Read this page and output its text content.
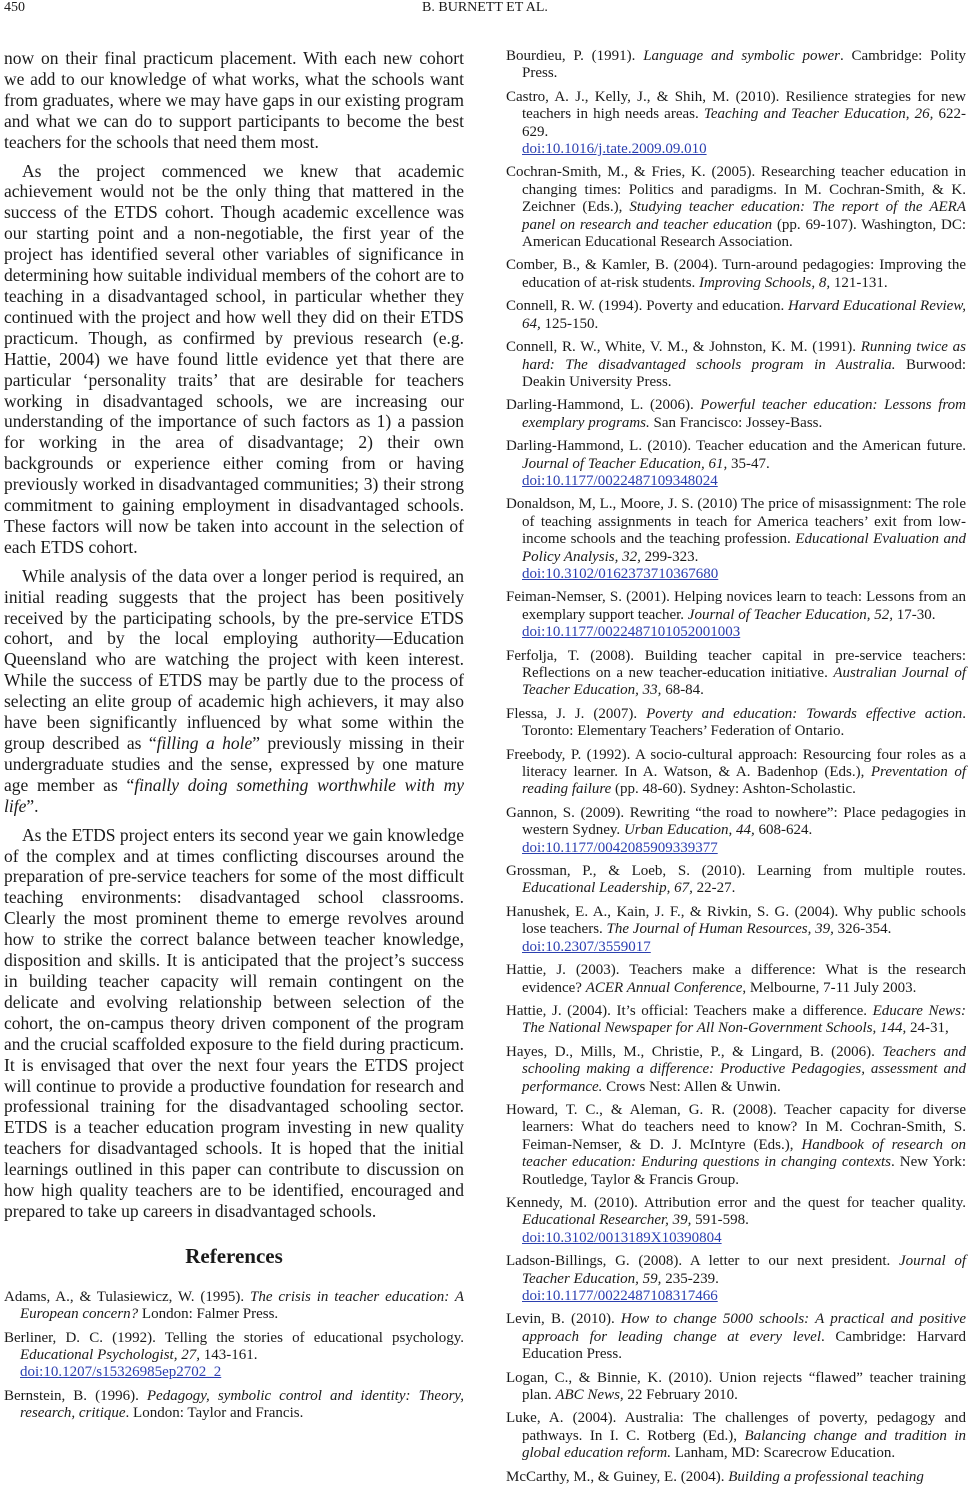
450	B. BURNETT ET AL.

now on their final practicum placement. With each new cohort we add to our knowledge of what works, what the schools want from graduates, where we may have gaps in our existing program and what we can do to support participants to become the best teachers for the schools that need them most.

As the project commenced we knew that academic achievement would not be the only thing that mattered in the success of the ETDS cohort. Though academic excellence was our starting point and a non-negotiable, the first year of the project has identified several other variables of significance in determining how suitable individual members of the cohort are to teaching in a disadvantaged school, in particular whether they continued with the project and how well they did on their ETDS practicum. Though, as confirmed by previous research (e.g. Hattie, 2004) we have found little evidence yet that there are particular ‘personality traits’ that are desirable for teachers working in disadvantaged schools, we are increasing our understanding of the importance of such factors as 1) a passion for working in the area of disadvantage; 2) their own backgrounds or experience either coming from or having previously worked in disadvantaged communities; 3) their strong commitment to gaining employment in disadvantaged schools. These factors will now be taken into account in the selection of each ETDS cohort.

While analysis of the data over a longer period is required, an initial reading suggests that the project has been positively received by the participating schools, by the pre-service ETDS cohort, and by the local employing authority—Education Queensland who are watching the project with keen interest. While the success of ETDS may be partly due to the process of selecting an elite group of academic high achievers, it may also have been significantly influenced by what some within the group described as “filling a hole” previously missing in their undergraduate studies and the sense, expressed by one mature age member as “finally doing something worthwhile with my life”.

As the ETDS project enters its second year we gain knowledge of the complex and at times conflicting discourses around the preparation of pre-service teachers for some of the most difficult teaching environments: disadvantaged school classrooms. Clearly the most prominent theme to emerge revolves around how to strike the correct balance between teacher knowledge, disposition and skills. It is anticipated that the project’s success in building teacher capacity will remain contingent on the delicate and evolving relationship between selection of the cohort, the on-campus theory driven component of the program and the crucial scaffolded exposure to the field during practicum. It is envisaged that over the next four years the ETDS project will continue to provide a productive foundation for research and professional training for the disadvantaged schooling sector. ETDS is a teacher education program investing in new quality teachers for disadvantaged schools. It is hoped that the initial learnings outlined in this paper can contribute to discussion on how high quality teachers are to be identified, encouraged and prepared to take up careers in disadvantaged schools.

References
Adams, A., & Tulasiewicz, W. (1995). The crisis in teacher education: A European concern? London: Falmer Press.
Berliner, D. C. (1992). Telling the stories of educational psychology. Educational Psychologist, 27, 143-161.
doi:10.1207/s15326985ep2702_2
Bernstein, B. (1996). Pedagogy, symbolic control and identity: Theory, research, critique. London: Taylor and Francis.
Bourdieu, P. (1991). Language and symbolic power. Cambridge: Polity Press.
Castro, A. J., Kelly, J., & Shih, M. (2010). Resilience strategies for new teachers in high needs areas. Teaching and Teacher Education, 26, 622-629.
doi:10.1016/j.tate.2009.09.010
Cochran-Smith, M., & Fries, K. (2005). Researching teacher education in changing times: Politics and paradigms. In M. Cochran-Smith, & K. Zeichner (Eds.), Studying teacher education: The report of the AERA panel on research and teacher education (pp. 69-107). Washington, DC: American Educational Research Association.
Comber, B., & Kamler, B. (2004). Turn-around pedagogies: Improving the education of at-risk students. Improving Schools, 8, 121-131.
Connell, R. W. (1994). Poverty and education. Harvard Educational Review, 64, 125-150.
Connell, R. W., White, V. M., & Johnston, K. M. (1991). Running twice as hard: The disadvantaged schools program in Australia. Burwood: Deakin University Press.
Darling-Hammond, L. (2006). Powerful teacher education: Lessons from exemplary programs. San Francisco: Jossey-Bass.
Darling-Hammond, L. (2010). Teacher education and the American future. Journal of Teacher Education, 61, 35-47.
doi:10.1177/0022487109348024
Donaldson, M, L., Moore, J. S. (2010) The price of misassignment: The role of teaching assignments in teach for America teachers’ exit from low-income schools and the teaching profession. Educational Evaluation and Policy Analysis, 32, 299-323.
doi:10.3102/0162373710367680
Feiman-Nemser, S. (2001). Helping novices learn to teach: Lessons from an exemplary support teacher. Journal of Teacher Education, 52, 17-30.
doi:10.1177/002248710105200100З
Ferfolja, T. (2008). Building teacher capital in pre-service teachers: Reflections on a new teacher-education initiative. Australian Journal of Teacher Education, 33, 68-84.
Flessa, J. J. (2007). Poverty and education: Towards effective action. Toronto: Elementary Teachers’ Federation of Ontario.
Freebody, P. (1992). A socio-cultural approach: Resourcing four roles as a literacy learner. In A. Watson, & A. Badenhop (Eds.), Preventation of reading failure (pp. 48-60). Sydney: Ashton-Scholastic.
Gannon, S. (2009). Rewriting “the road to nowhere”: Place pedagogies in western Sydney. Urban Education, 44, 608-624.
doi:10.1177/0042085909339377
Grossman, P., & Loeb, S. (2010). Learning from multiple routes. Educational Leadership, 67, 22-27.
Hanushek, E. A., Kain, J. F., & Rivkin, S. G. (2004). Why public schools lose teachers. The Journal of Human Resources, 39, 326-354.
doi:10.2307/3559017
Hattie, J. (2003). Teachers make a difference: What is the research evidence? ACER Annual Conference, Melbourne, 7-11 July 2003.
Hattie, J. (2004). It’s official: Teachers make a difference. Educare News: The National Newspaper for All Non-Government Schools, 144, 24-31,
Hayes, D., Mills, M., Christie, P., & Lingard, B. (2006). Teachers and schooling making a difference: Productive Pedagogies, assessment and performance. Crows Nest: Allen & Unwin.
Howard, T. C., & Aleman, G. R. (2008). Teacher capacity for diverse learners: What do teachers need to know? In M. Cochran-Smith, S. Feiman-Nemser, & D. J. McIntyre (Eds.), Handbook of research on teacher education: Enduring questions in changing contexts. New York: Routledge, Taylor & Francis Group.
Kennedy, M. (2010). Attribution error and the quest for teacher quality. Educational Researcher, 39, 591-598.
doi:10.3102/0013189X10390804
Ladson-Billings, G. (2008). A letter to our next president. Journal of Teacher Education, 59, 235-239.
doi:10.1177/0022487108317466
Levin, B. (2010). How to change 5000 schools: A practical and positive approach for leading change at every level. Cambridge: Harvard Education Press.
Logan, C., & Binnie, K. (2010). Union rejects “flawed” teacher training plan. ABC News, 22 February 2010.
Luke, A. (2004). Australia: The challenges of poverty, pedagogy and pathways. In I. C. Rotberg (Ed.), Balancing change and tradition in global education reform. Lanham, MD: Scarecrow Education.
McCarthy, M., & Guiney, E. (2004). Building a professional teaching
